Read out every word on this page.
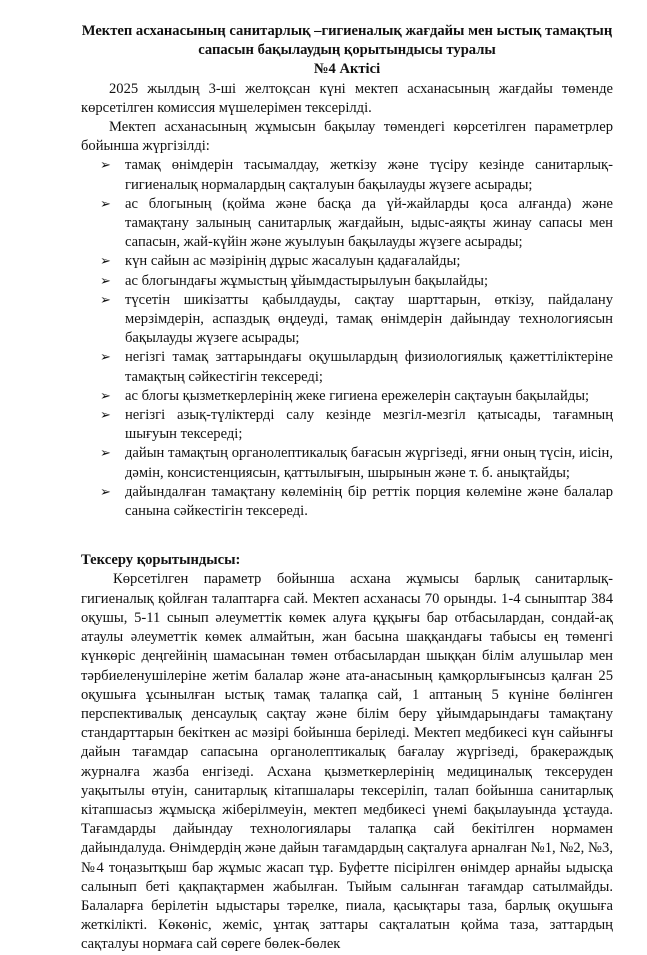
Мектеп асханасының санитарлық –гигиеналық жағдайы мен ыстық тамақтың

сапасын бақылаудың қорытындысы туралы

№4 Актісі

2025 жылдың 3-ші желтоқсан күні мектеп асханасының жағдайы төменде көрсетілген комиссия мүшелерімен тексерілді.

Мектеп асханасының жұмысын бақылау төмендегі көрсетілген параметрлер бойынша жүргізілді:

➢ тамақ өнімдерін тасымалдау, жеткізу және түсіру кезінде санитарлық-гигиеналық нормалардың сақталуын бақылауды жүзеге асырады;
➢ ас блогының (қойма және басқа да үй-жайларды қоса алғанда) және тамақтану залының санитарлық жағдайын, ыдыс-аяқты жинау сапасы мен сапасын, жай-күйін және жуылуын бақылауды жүзеге асырады;
➢ күн сайын ас мәзірінің дұрыс жасалуын қадағалайды;
➢ ас блогындағы жұмыстың ұйымдастырылуын бақылайды;
➢ түсетін шикізатты қабылдауды, сақтау шарттарын, өткізу, пайдалану мерзімдерін, аспаздық өңдеуді, тамақ өнімдерін дайындау технологиясын бақылауды жүзеге асырады;
➢ негізгі тамақ заттарындағы оқушылардың физиологиялық қажеттіліктеріне тамақтың сәйкестігін тексереді;
➢ ас блогы қызметкерлерінің жеке гигиена ережелерін сақтауын бақылайды;
➢ негізгі азық-түліктерді салу кезінде мезгіл-мезгіл қатысады, тағамның шығуын тексереді;
➢ дайын тамақтың органолептикалық бағасын жүргізеді, яғни оның түсін, иісін, дәмін, консистенциясын, қаттылығын, шырынын және т. б. анықтайды;
➢ дайындалған тамақтану көлемінің бір реттік порция көлеміне және балалар санына сәйкестігін тексереді.

Тексеру қорытындысы:

Көрсетілген параметр бойынша асхана жұмысы барлық санитарлық-гигиеналық қойлған талаптарға сай. Мектеп асханасы 70 орынды. 1-4 сыныптар 384 оқушы, 5-11 сынып әлеуметтік көмек алуға құқығы бар отбасылардан, сондай-ақ атаулы әлеуметтік көмек алмайтын, жан басына шаққандағы табысы ең төменгі күнкөріс деңгейінің шамасынан төмен отбасылардан шыққан білім алушылар мен тәрбиеленушілеріне жетім балалар және ата-анасының қамқорлығынсыз қалған 25 оқушыға ұсынылған ыстық тамақ талапқа сай, 1 аптаның 5 күніне бөлінген перспективалық денсаулық сақтау және білім беру ұйымдарындағы тамақтану стандарттарын бекіткен ас мәзірі бойынша беріледі. Мектеп медбикесі күн сайынғы дайын тағамдар сапасына органолептикалық бағалау жүргізеді, бракераждық журналға жазба енгізеді. Асхана қызметкерлерінің медициналық тексеруден уақытылы өтуін, санитарлық кітапшалары тексеріліп, талап бойынша санитарлық кітапшасыз жұмысқа жіберілмеуін, мектеп медбикесі үнемі бақылауында ұстауда. Тағамдарды дайындау технологиялары талапқа сай бекітілген нормамен дайындалуда. Өнімдердің және дайын тағамдардың сақталуға арналған №1, №2, №3, №4 тоңазытқыш бар жұмыс жасап тұр. Буфетте пісірілген өнімдер арнайы ыдысқа салынып беті қақпақтармен жабылған. Тыйым салынған тағамдар сатылмайды. Балаларға берілетін ыдыстары тәрелке, пиала, қасықтары таза, барлық оқушыға жеткілікті. Көкөніс, жеміс, ұнтақ заттары сақталатын қойма таза, заттардың сақталуы нормаға сай сөреге бөлек-бөлек
